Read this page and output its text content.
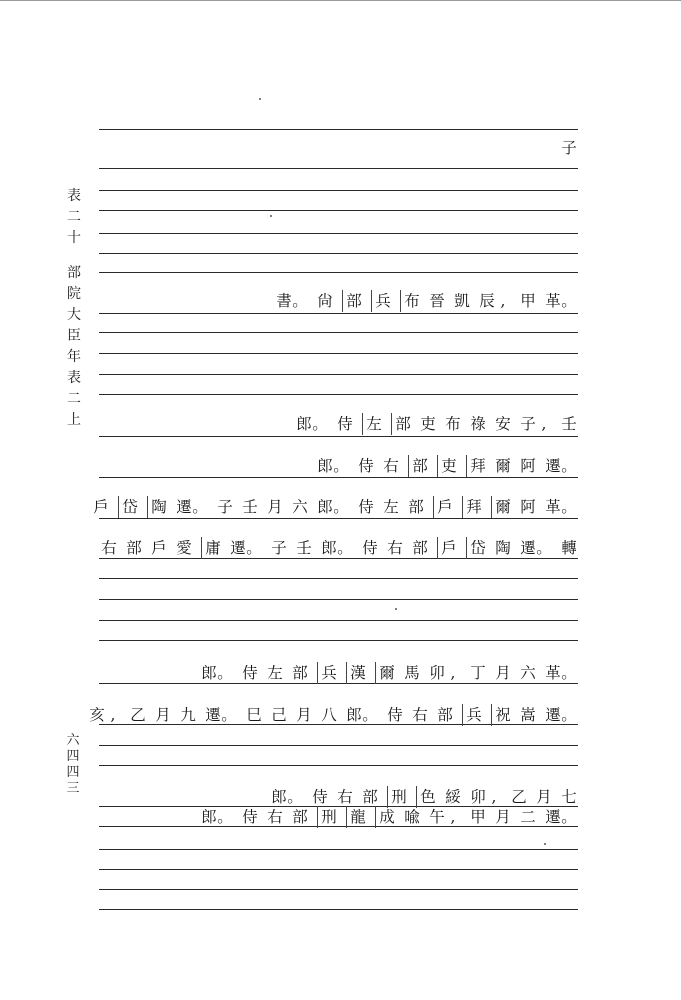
表
二
十
部
院
大
臣
年
表
二
上
六
四
四
三
子
書。 尙 部 兵 布 晉 凱 辰 , 甲 革。
郎。 侍 左 部 吏 布 祿 安 子 , 壬
郎。 侍 右 部 吏 拜 爾 阿 遷。
戶 岱 陶 遷。 子 壬 月 六 郎。 侍 左 部 戶 拜 爾 阿 革。
右 部 戶 愛 庸 遷。 子 壬 郎。 侍 右 部 戶 岱 陶 遷。 轉
郎。 侍 左 部 兵 漢 爾 馬 卯 , 丁 月 六 革。
亥 , 乙 月 九 遷。 巳 己 月 八 郎。 侍 右 部 兵 祝 嵩 遷。
郎。 侍 右 部 刑 色 綏 卯 , 乙 月 七
郎。 侍 右 部 刑 龍 成 喩 午 , 甲 月 二 遷。
